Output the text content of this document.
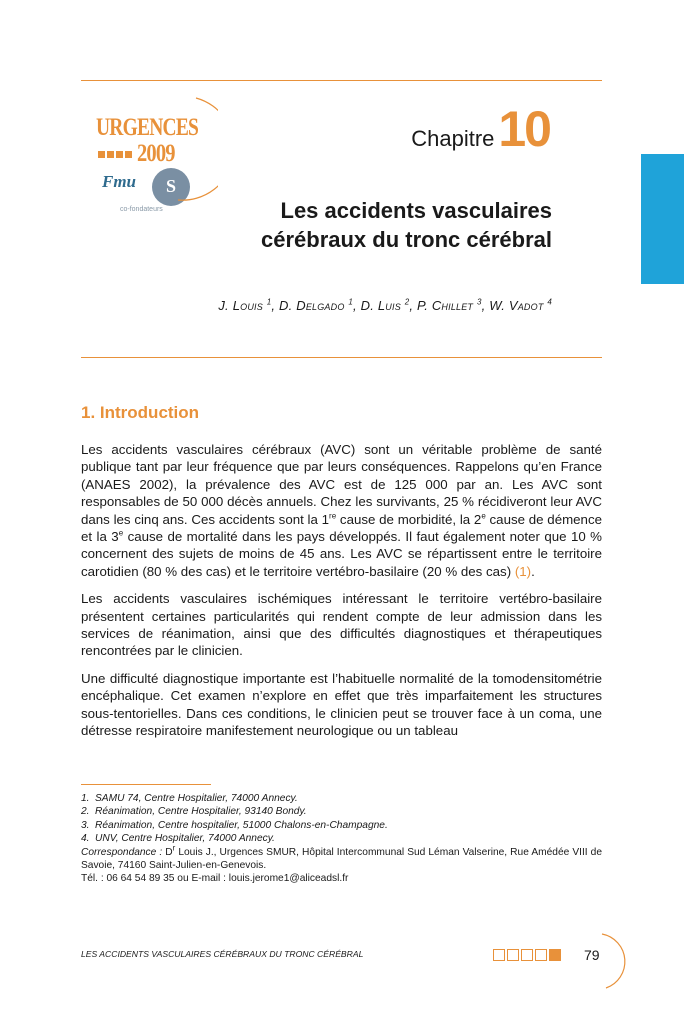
URGENCES
2009
Fmu	S
co-fondateurs
Chapitre 10
Les accidents vasculaires
cérébraux du tronc cérébral
J. Louis $^1$, D. Delgado $^1$, D. Luis $^2$, P. Chillet $^3$, W. Vadot $^4$
1. Introduction

Les accidents vasculaires cérébraux (AVC) sont un véritable problème de santé publique tant par leur fréquence que par leurs conséquences. Rappelons qu’en France (ANAES 2002), la prévalence des AVC est de 125 000 par an. Les AVC sont responsables de 50 000 décès annuels. Chez les survivants, 25 % récidiveront leur AVC dans les cinq ans. Ces accidents sont la 1re cause de morbidité, la 2e cause de démence et la 3e cause de mortalité dans les pays développés. Il faut également noter que 10 % concernent des sujets de moins de 45 ans. Les AVC se répartissent entre le territoire carotidien (80 % des cas) et le territoire vertébro-basilaire (20 % des cas) (1).

Les accidents vasculaires ischémiques intéressant le territoire vertébro-basilaire présentent certaines particularités qui rendent compte de leur admission dans les services de réanimation, ainsi que des difficultés diagnostiques et thérapeutiques rencontrées par le clinicien.

Une difficulté diagnostique importante est l’habituelle normalité de la tomodensitométrie encéphalique. Cet examen n’explore en effet que très imparfaitement les structures sous-tentorielles. Dans ces conditions, le clinicien peut se trouver face à un coma, une détresse respiratoire manifestement neurologique ou un tableau

1. SAMU 74, Centre Hospitalier, 74000 Annecy.
2. Réanimation, Centre Hospitalier, 93140 Bondy.
3. Réanimation, Centre hospitalier, 51000 Chalons-en-Champagne.
4. UNV, Centre Hospitalier, 74000 Annecy.
Correspondance : $D^r$ Louis J., Urgences SMUR, Hôpital Intercommunal Sud Léman Valserine, Rue Amédée VIII de Savoie, 74160 Saint-Julien-en-Genevois.
Tél. : 06 64 54 89 35 ou E-mail : louis.jerome1@aliceadsl.fr
LES ACCIDENTS VASCULAIRES CÉRÉBRAUX DU TRONC CÉRÉBRAL	79
